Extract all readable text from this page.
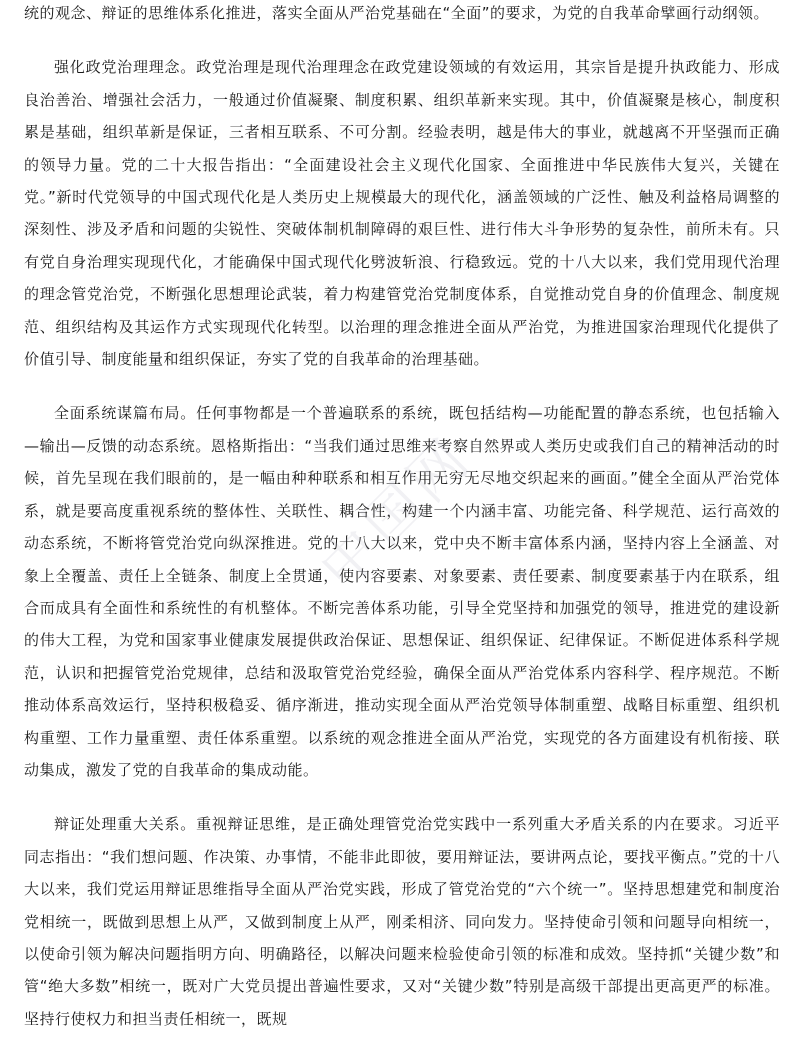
统的观念、辩证的思维体系化推进，落实全面从严治党基础在“全面”的要求，为党的自我革命擘画行动纲领。

强化政党治理理念。政党治理是现代治理理念在政党建设领域的有效运用，其宗旨是提升执政能力、形成良治善治、增强社会活力，一般通过价值凝聚、制度积累、组织革新来实现。其中，价值凝聚是核心，制度积累是基础，组织革新是保证，三者相互联系、不可分割。经验表明，越是伟大的事业，就越离不开坚强而正确的领导力量。党的二十大报告指出：“全面建设社会主义现代化国家、全面推进中华民族伟大复兴，关键在党。”新时代党领导的中国式现代化是人类历史上规模最大的现代化，涵盖领域的广泛性、触及利益格局调整的深刻性、涉及矛盾和问题的尖锐性、突破体制机制障碍的艰巨性、进行伟大斗争形势的复杂性，前所未有。只有党自身治理实现现代化，才能确保中国式现代化劈波斩浪、行稳致远。党的十八大以来，我们党用现代治理的理念管党治党，不断强化思想理论武装，着力构建管党治党制度体系，自觉推动党自身的价值理念、制度规范、组织结构及其运作方式实现现代化转型。以治理的理念推进全面从严治党，为推进国家治理现代化提供了价值引导、制度能量和组织保证，夯实了党的自我革命的治理基础。

全面系统谋篇布局。任何事物都是一个普遍联系的系统，既包括结构—功能配置的静态系统，也包括输入—输出—反馈的动态系统。恩格斯指出：“当我们通过思维来考察自然界或人类历史或我们自己的精神活动的时候，首先呈现在我们眼前的，是一幅由种种联系和相互作用无穷无尽地交织起来的画面。”健全全面从严治党体系，就是要高度重视系统的整体性、关联性、耦合性，构建一个内涵丰富、功能完备、科学规范、运行高效的动态系统，不断将管党治党向纵深推进。党的十八大以来，党中央不断丰富体系内涵，坚持内容上全涵盖、对象上全覆盖、责任上全链条、制度上全贯通，使内容要素、对象要素、责任要素、制度要素基于内在联系，组合而成具有全面性和系统性的有机整体。不断完善体系功能，引导全党坚持和加强党的领导，推进党的建设新的伟大工程，为党和国家事业健康发展提供政治保证、思想保证、组织保证、纪律保证。不断促进体系科学规范，认识和把握管党治党规律，总结和汲取管党治党经验，确保全面从严治党体系内容科学、程序规范。不断推动体系高效运行，坚持积极稳妥、循序渐进，推动实现全面从严治党领导体制重塑、战略目标重塑、组织机构重塑、工作力量重塑、责任体系重塑。以系统的观念推进全面从严治党，实现党的各方面建设有机衔接、联动集成，激发了党的自我革命的集成动能。

辩证处理重大关系。重视辩证思维，是正确处理管党治党实践中一系列重大矛盾关系的内在要求。习近平同志指出：“我们想问题、作决策、办事情，不能非此即彼，要用辩证法，要讲两点论，要找平衡点。”党的十八大以来，我们党运用辩证思维指导全面从严治党实践，形成了管党治党的“六个统一”。坚持思想建党和制度治党相统一，既做到思想上从严，又做到制度上从严，刚柔相济、同向发力。坚持使命引领和问题导向相统一，以使命引领为解决问题指明方向、明确路径，以解决问题来检验使命引领的标准和成效。坚持抓“关键少数”和管“绝大多数”相统一，既对广大党员提出普遍性要求，又对“关键少数”特别是高级干部提出更高更严的标准。坚持行使权力和担当责任相统一，既规

中国网
